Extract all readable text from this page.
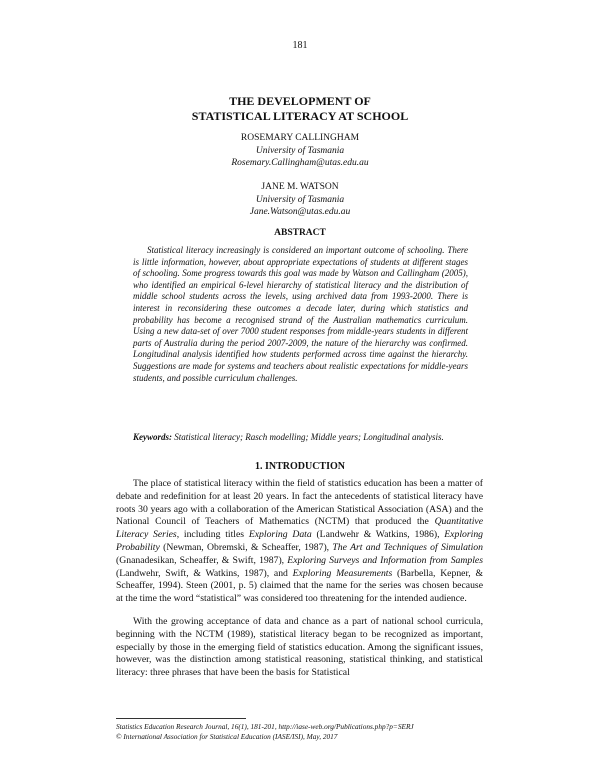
181
THE DEVELOPMENT OF
STATISTICAL LITERACY AT SCHOOL
ROSEMARY CALLINGHAM
University of Tasmania
Rosemary.Callingham@utas.edu.au
JANE M. WATSON
University of Tasmania
Jane.Watson@utas.edu.au
ABSTRACT

Statistical literacy increasingly is considered an important outcome of schooling. There is little information, however, about appropriate expectations of students at different stages of schooling. Some progress towards this goal was made by Watson and Callingham (2005), who identified an empirical 6-level hierarchy of statistical literacy and the distribution of middle school students across the levels, using archived data from 1993-2000. There is interest in reconsidering these outcomes a decade later, during which statistics and probability has become a recognised strand of the Australian mathematics curriculum. Using a new data-set of over 7000 student responses from middle-years students in different parts of Australia during the period 2007-2009, the nature of the hierarchy was confirmed. Longitudinal analysis identified how students performed across time against the hierarchy. Suggestions are made for systems and teachers about realistic expectations for middle-years students, and possible curriculum challenges.

Keywords: Statistical literacy; Rasch modelling; Middle years; Longitudinal analysis.

1. INTRODUCTION

The place of statistical literacy within the field of statistics education has been a matter of debate and redefinition for at least 20 years. In fact the antecedents of statistical literacy have roots 30 years ago with a collaboration of the American Statistical Association (ASA) and the National Council of Teachers of Mathematics (NCTM) that produced the Quantitative Literacy Series, including titles Exploring Data (Landwehr & Watkins, 1986), Exploring Probability (Newman, Obremski, & Scheaffer, 1987), The Art and Techniques of Simulation (Gnanadesikan, Scheaffer, & Swift, 1987), Exploring Surveys and Information from Samples (Landwehr, Swift, & Watkins, 1987), and Exploring Measurements (Barbella, Kepner, & Scheaffer, 1994). Steen (2001, p. 5) claimed that the name for the series was chosen because at the time the word “statistical” was considered too threatening for the intended audience.

With the growing acceptance of data and chance as a part of national school curricula, beginning with the NCTM (1989), statistical literacy began to be recognized as important, especially by those in the emerging field of statistics education. Among the significant issues, however, was the distinction among statistical reasoning, statistical thinking, and statistical literacy: three phrases that have been the basis for Statistical

Statistics Education Research Journal, 16(1), 181-201, http://iase-web.org/Publications.php?p=SERJ
© International Association for Statistical Education (IASE/ISI), May, 2017
